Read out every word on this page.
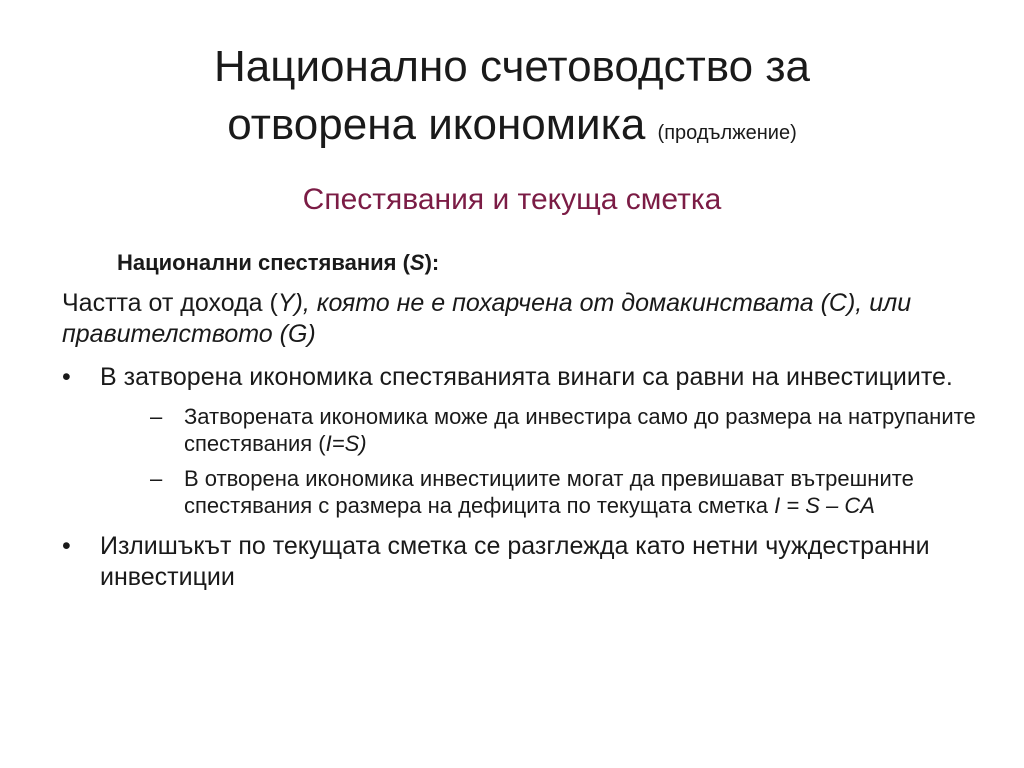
Национално счетоводство за
отворена икономика (продължение)
Спестявания и текуща сметка
Национални спестявания (S):
Частта от дохода (Y), която не е похарчена от домакинствата (C), или правителството (G)
•	В затворена икономика спестяванията винаги са равни на инвестициите.
– Затворената икономика може да инвестира само до размера на натрупаните спестявания (I=S)
– В отворена икономика инвестициите могат да превишават вътрешните спестявания с размера на дефицита по текущата сметка I = S – CA
•	Излишъкът по текущата сметка се разглежда като нетни чуждестранни инвестиции
